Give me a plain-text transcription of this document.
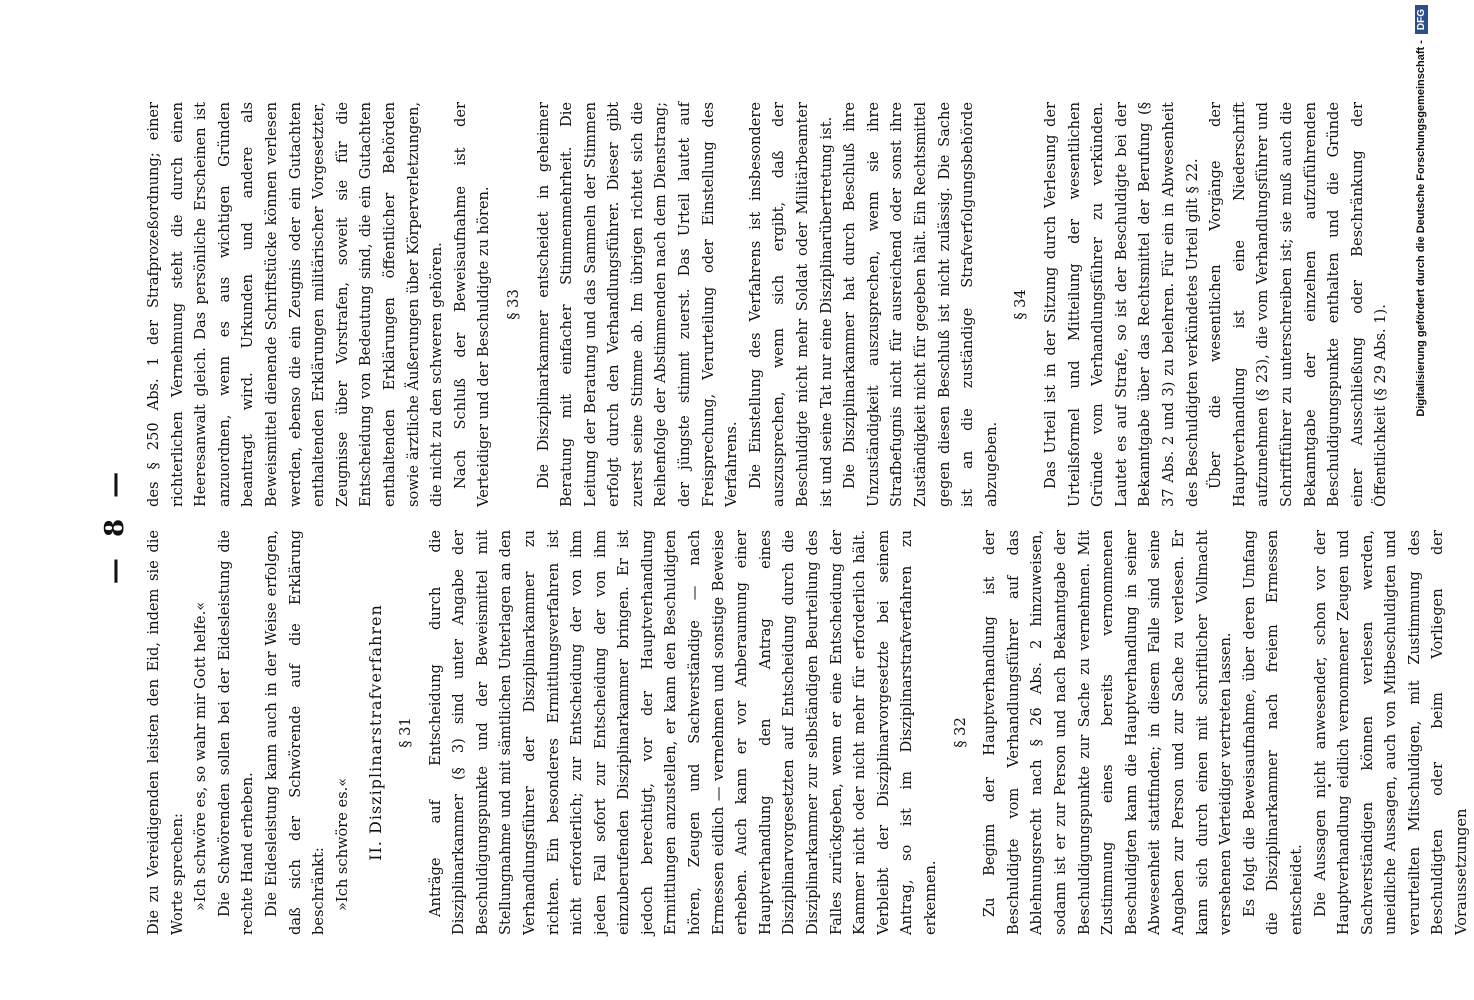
— 8 —

Die zu Vereidigenden leisten den Eid, indem sie die Worte sprechen: »Ich schwöre es, so wahr mir Gott helfe.« Die Schwörenden sollen bei der Eidesleistung die rechte Hand erheben. Die Eidesleistung kann auch in der Weise erfolgen, daß sich der Schwörende auf die Erklärung beschränkt: »Ich schwöre es.« II. Disziplinarstrafverfahren § 31 Anträge auf Entscheidung durch die Disziplinarkammer (§ 3) sind unter Angabe der Beschuldigungspunkte und der Beweismittel mit Stellungnahme und mit sämtlichen Unterlagen an den Verhandlungsführer der Disziplinarkammer zu richten. Ein besonderes Ermittlungsverfahren ist nicht erforderlich; zur Entscheidung der von ihm jeden Fall sofort zur Entscheidung der von ihm einzuberufenden Disziplinarkammer bringen. Er ist jedoch berechtigt, vor der Hauptverhandlung Ermittlungen anzustellen, er kann den Beschuldigten hören, Zeugen und Sachverständige — nach Ermessen eidlich — vernehmen und sonstige Beweise erheben. Auch kann er vor Anberaumung einer Hauptverhandlung den Antrag eines Disziplinarvorgesetzten auf Entscheidung durch die Disziplinarkammer zur selbständigen Beurteilung des Falles zurückgeben, wenn er eine Entscheidung der Kammer nicht oder nicht mehr für erforderlich hält. Verbleibt der Disziplinarvorgesetzte bei seinem Antrag, so ist im Disziplinarstrafverfahren zu erkennen.

§ 32 Zu Beginn der Hauptverhandlung ist der Beschuldigte vom Verhandlungsführer auf das Ablehnungsrecht nach § 26 Abs. 2 hinzuweisen, sodann ist er zur Person und nach Bekanntgabe der Beschuldigungspunkte zur Sache zu vernehmen. Mit Zustimmung eines bereits vernommenen Beschuldigten kann die Hauptverhandlung in seiner Abwesenheit stattfinden; in diesem Falle sind seine Angaben zur Person und zur Sache zu verlesen. Er kann sich durch einen mit schriftlicher Vollmacht versehenen Verteidiger vertreten lassen. Es folgt die Beweisaufnahme, über deren Umfang die Disziplinarkammer nach freiem Ermessen entscheidet. Die Aussagen nicht anwesender, schon vor der Hauptverhandlung eidlich vernommener Zeugen und Sachverständigen können verlesen werden, uneidliche Aussagen, auch von Mitbeschuldigten und verurteilten Mitschuldigen, mit Zustimmung des Beschuldigten oder beim Vorliegen der Voraussetzungen

des § 250 Abs. 1 der Strafprozeßordnung; einer richterlichen Vernehmung steht die durch einen Heeresanwalt gleich. Das persönliche Erscheinen ist anzuordnen, wenn es aus wichtigen Gründen beantragt wird. Urkunden und andere als Beweismittel dienende Schriftstücke können verlesen werden, ebenso die ein Zeugnis oder ein Gutachten enthaltenden Erklärungen militärischer Vorgesetzter, Zeugnisse über Vorstrafen, soweit sie für die Entscheidung von Bedeutung sind, die ein Gutachten enthaltenden Erklärungen öffentlicher Behörden sowie ärztliche Äußerungen über Körperverletzungen, die nicht zu den schweren gehören. Nach Schluß der Beweisaufnahme ist der Verteidiger und der Beschuldigte zu hören. § 33 Die Disziplinarkammer entscheidet in geheimer Beratung mit einfacher Stimmenmehrheit. Die Leitung der Beratung und das Sammeln der Stimmen erfolgt durch den Verhandlungsführer. Dieser gibt zuerst seine Stimme ab. Im übrigen richtet sich die Reihenfolge der Abstimmenden nach dem Dienstrang; der jüngste stimmt zuerst. Das Urteil lautet auf Freisprechung, Verurteilung oder Einstellung des Verfahrens. Die Einstellung des Verfahrens ist insbesondere auszusprechen, wenn sich ergibt, daß der Beschuldigte nicht mehr Soldat oder Militärbeamter ist und seine Tat nur eine Disziplinarübertretung ist. Die Disziplinarkammer hat durch Beschluß ihre Unzuständigkeit auszusprechen, wenn sie ihre Strafbefugnis nicht für ausreichend oder sonst ihre Zuständigkeit nicht für gegeben hält. Ein Rechtsmittel gegen diesen Beschluß ist nicht zulässig. Die Sache ist an die zuständige Strafverfolgungsbehörde abzugeben.

§ 34 Das Urteil ist in der Sitzung durch Verlesung der Urteilsformel und Mitteilung der wesentlichen Gründe vom Verhandlungsführer zu verkünden. Lautet es auf Strafe, so ist der Beschuldigte bei der Bekanntgabe über das Rechtsmittel der Berufung (§ 37 Abs. 2 und 3) zu belehren. Für ein in Abwesenheit des Beschuldigten verkündetes Urteil gilt § 22. Über die wesentlichen Vorgänge der Hauptverhandlung ist eine Niederschrift aufzunehmen (§ 23), die vom Verhandlungsführer und Schriftführer zu unterschreiben ist; sie muß auch die Bekanntgabe der einzelnen aufzuführenden Beschuldigungspunkte enthalten und die Gründe einer Ausschließung oder Beschränkung der Öffentlichkeit (§ 29 Abs. 1).	Digitalisierung gefördert durch die Deutsche Forschungsgemeinschaft -
DFG
